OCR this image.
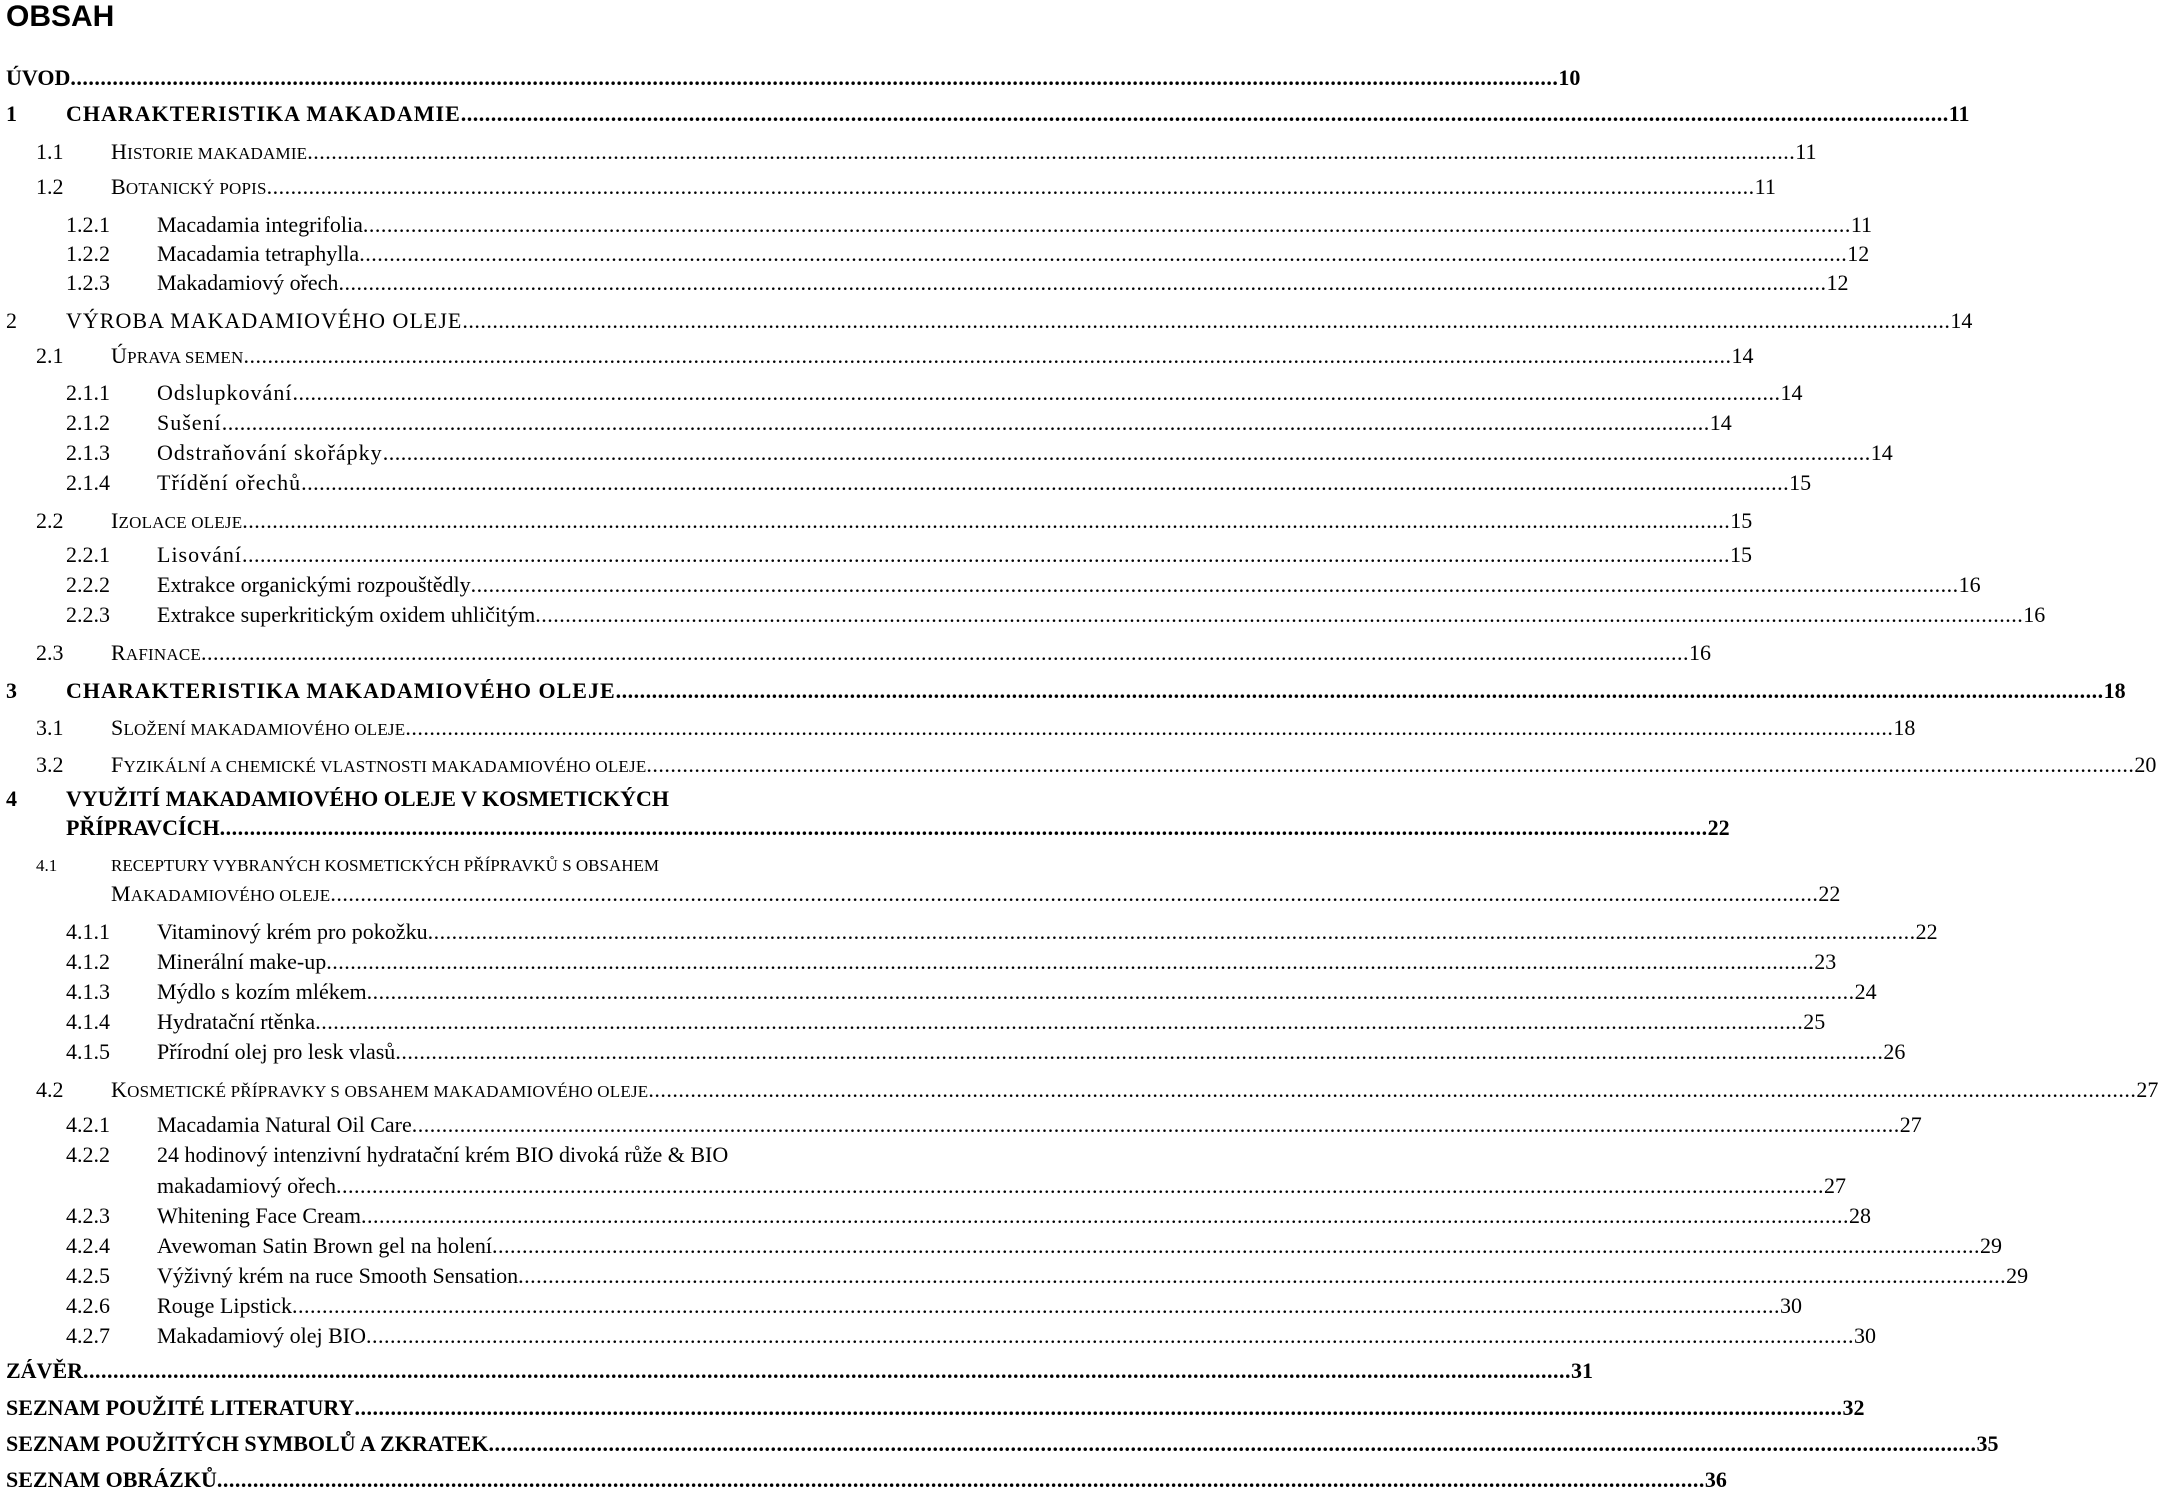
OBSAH
ÚVOD .....	10
1	CHARAKTERISTIKA MAKADAMIE .....	11
1.1	HISTORIE MAKADAMIE .....	11
1.2	BOTANICKÝ POPIS .....	11
1.2.1	Macadamia integrifolia .....	11
1.2.2	Macadamia tetraphylla .....	12
1.2.3	Makadamiový ořech .....	12
2	VÝROBA MAKADAMIOVÉHO OLEJE .....	14
2.1	ÚPRAVA SEMEN .....	14
2.1.1	Odslupkování .....	14
2.1.2	Sušení .....	14
2.1.3	Odstraňování skořápky .....	14
2.1.4	Třídění ořechů .....	15
2.2	IZOLACE OLEJE .....	15
2.2.1	Lisování .....	15
2.2.2	Extrakce organickými rozpouštědly .....	16
2.2.3	Extrakce superkritickým oxidem uhličitým .....	16
2.3	RAFINACE .....	16
3	CHARAKTERISTIKA MAKADAMIOVÉHO OLEJE .....	18
3.1	SLOŽENÍ MAKADAMIOVÉHO OLEJE .....	18
3.2	FYZIKÁLNÍ A CHEMICKÉ VLASTNOSTI MAKADAMIOVÉHO OLEJE .....	20
4 VYUŽITÍ MAKADAMIOVÉHO OLEJE V KOSMETICKÝCH
PŘÍPRAVCÍCH .....	22
4.1	RECEPTURY VYBRANÝCH KOSMETICKÝCH PŘÍPRAVKŮ S OBSAHEM
MAKADAMIOVÉHO OLEJE .....	22
4.1.1	Vitaminový krém pro pokožku .....	22
4.1.2	Minerální make-up .....	23
4.1.3	Mýdlo s kozím mlékem .....	24
4.1.4	Hydratační rtěnka .....	25
4.1.5	Přírodní olej pro lesk vlasů .....	26
4.2	KOSMETICKÉ PŘÍPRAVKY S OBSAHEM MAKADAMIOVÉHO OLEJE .....	27
4.2.1	Macadamia Natural Oil Care .....	27
4.2.2 24 hodinový intenzivní hydratační krém BIO divoká růže & BIO
makadamiový ořech .....	27
4.2.3	Whitening Face Cream .....	28
4.2.4	Avewoman Satin Brown gel na holení .....	29
4.2.5	Výživný krém na ruce Smooth Sensation .....	29
4.2.6	Rouge Lipstick .....	30
4.2.7	Makadamiový olej BIO .....	30
ZÁVĚR .....	31
SEZNAM POUŽITÉ LITERATURY .....	32
SEZNAM POUŽITÝCH SYMBOLŮ A ZKRATEK .....	35
SEZNAM OBRÁZKŮ .....	36
